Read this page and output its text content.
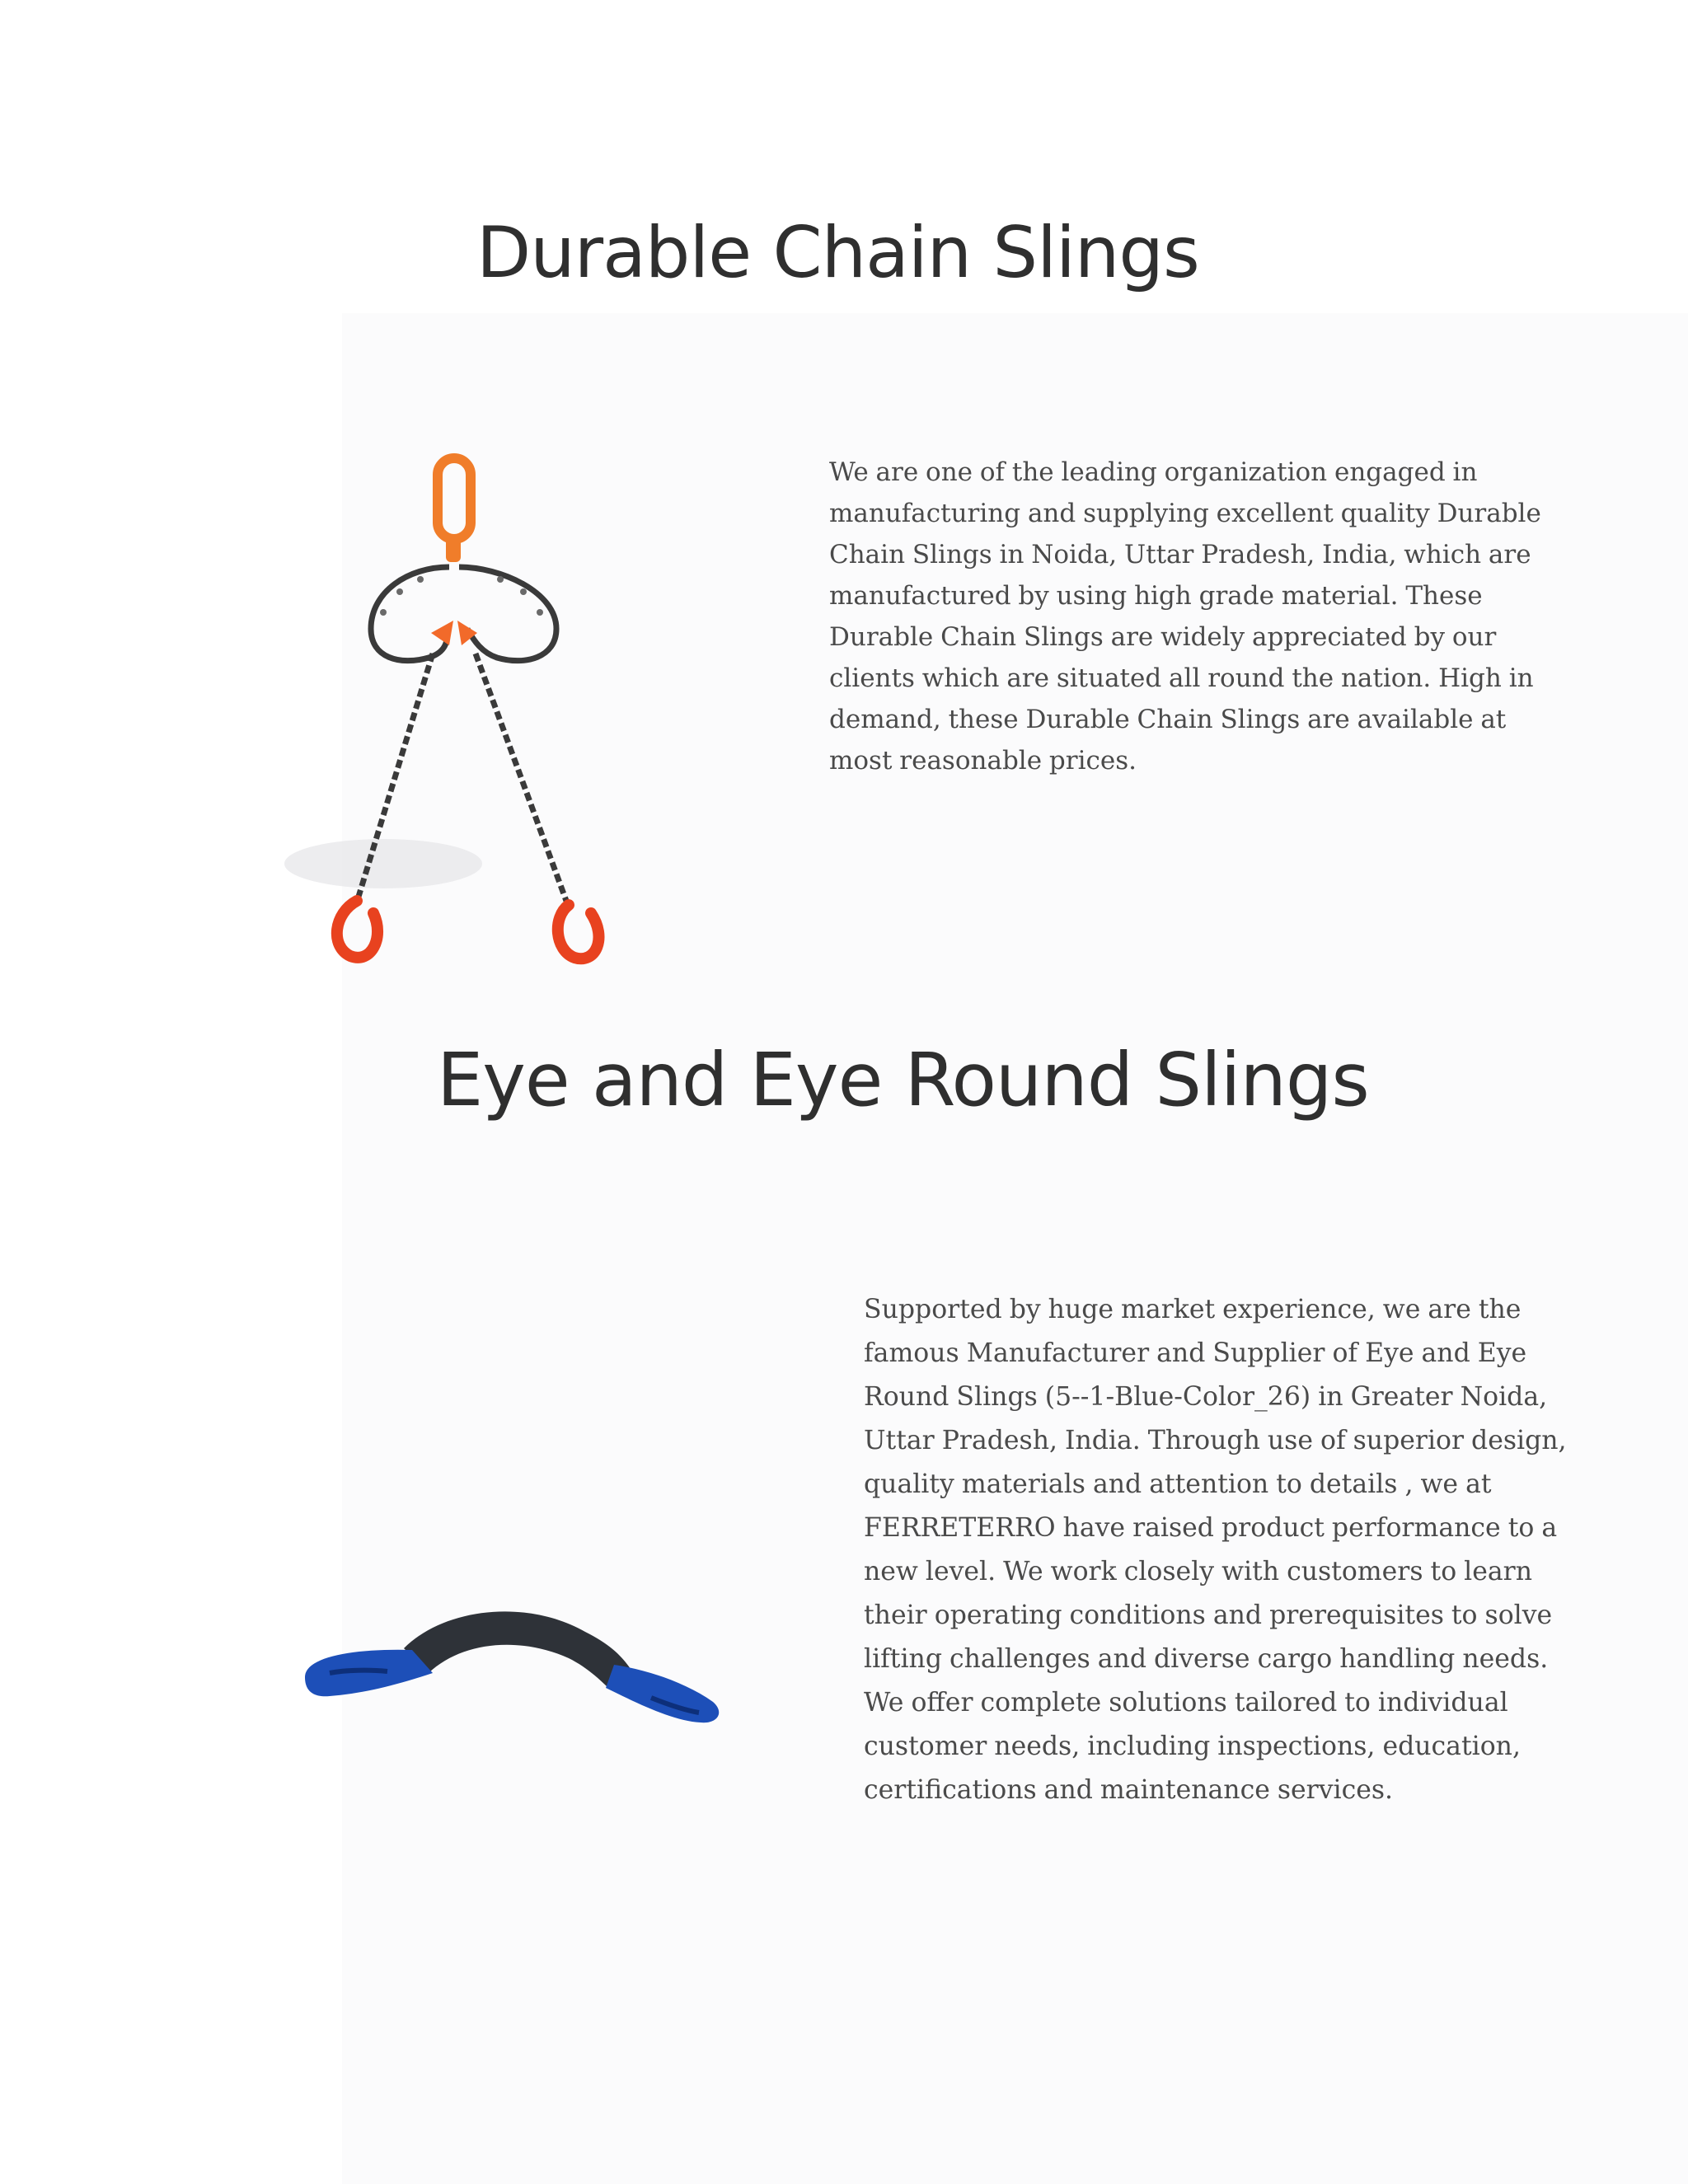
Durable Chain Slings

We are one of the leading organization engaged in manufacturing and supplying excellent quality Durable Chain Slings in Noida, Uttar Pradesh, India, which are manufactured by using high grade material. These Durable Chain Slings are widely appreciated by our clients which are situated all round the nation. High in demand, these Durable Chain Slings are available at most reasonable prices.

Eye and Eye Round Slings

Supported by huge market experience, we are the famous Manufacturer and Supplier of Eye and Eye Round Slings (5--1-Blue-Color_26) in Greater Noida, Uttar Pradesh, India. Through use of superior design, quality materials and attention to details , we at FERRETERRO have raised product performance to a new level. We work closely with customers to learn their operating conditions and prerequisites to solve lifting challenges and diverse cargo handling needs. We offer complete solutions tailored to individual customer needs, including inspections, education, certifications and maintenance services.
